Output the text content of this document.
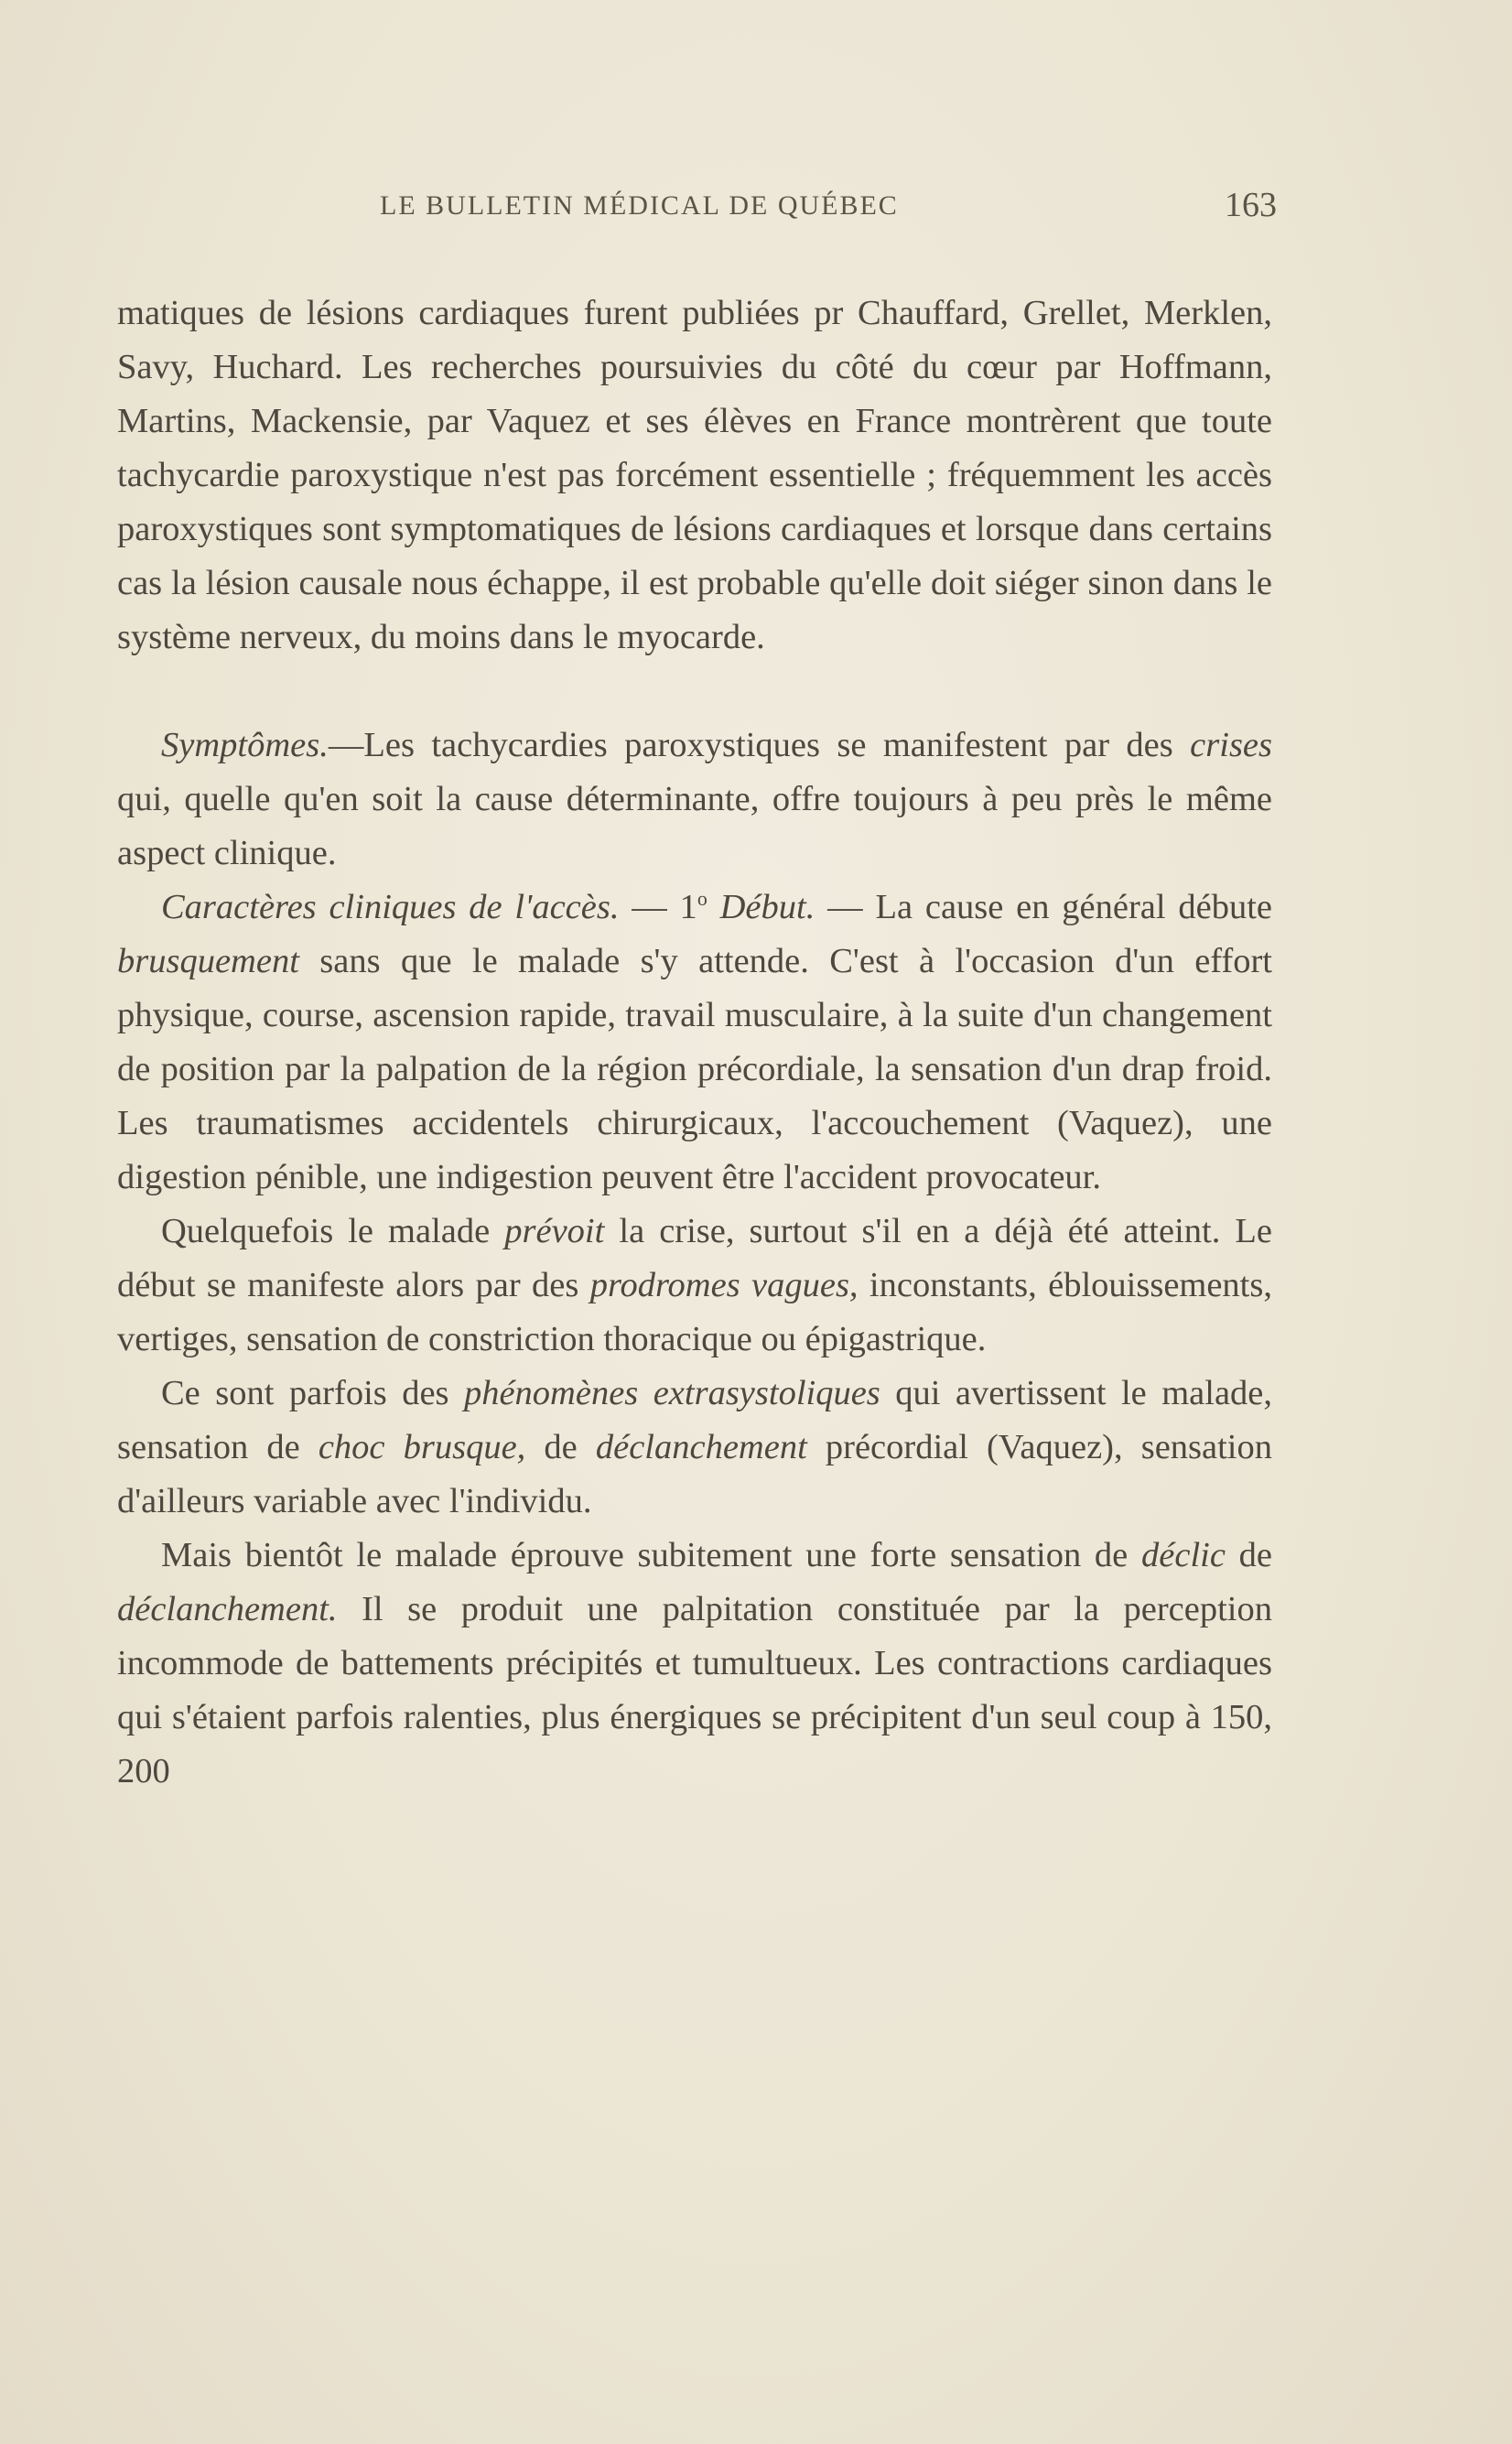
LE BULLETIN MÉDICAL DE QUÉBEC	163

matiques de lésions cardiaques furent publiées pr Chauffard, Grellet, Merklen, Savy, Huchard. Les recherches poursuivies du côté du cœur par Hoffmann, Martins, Mackensie, par Vaquez et ses élèves en France montrèrent que toute tachycardie paroxystique n'est pas forcément essentielle ; fréquemment les accès paroxystiques sont symptomatiques de lésions cardiaques et lorsque dans certains cas la lésion causale nous échappe, il est probable qu'elle doit siéger sinon dans le système nerveux, du moins dans le myocarde.

Symptômes.—Les tachycardies paroxystiques se manifestent par des crises qui, quelle qu'en soit la cause déterminante, offre toujours à peu près le même aspect clinique.

Caractères cliniques de l'accès. — 1$^o$ Début. — La cause en général débute brusquement sans que le malade s'y attende. C'est à l'occasion d'un effort physique, course, ascension rapide, travail musculaire, à la suite d'un changement de position par la palpation de la région précordiale, la sensation d'un drap froid. Les traumatismes accidentels chirurgicaux, l'accouchement (Vaquez), une digestion pénible, une indigestion peuvent être l'accident provocateur.

Quelquefois le malade prévoit la crise, surtout s'il en a déjà été atteint. Le début se manifeste alors par des prodromes vagues, inconstants, éblouissements, vertiges, sensation de constriction thoracique ou épigastrique.

Ce sont parfois des phénomènes extrasystoliques qui avertissent le malade, sensation de choc brusque, de déclanchement précordial (Vaquez), sensation d'ailleurs variable avec l'individu.

Mais bientôt le malade éprouve subitement une forte sensation de déclic de déclanchement. Il se produit une palpitation constituée par la perception incommode de battements précipités et tumultueux. Les contractions cardiaques qui s'étaient parfois ralenties, plus énergiques se précipitent d'un seul coup à 150, 200
